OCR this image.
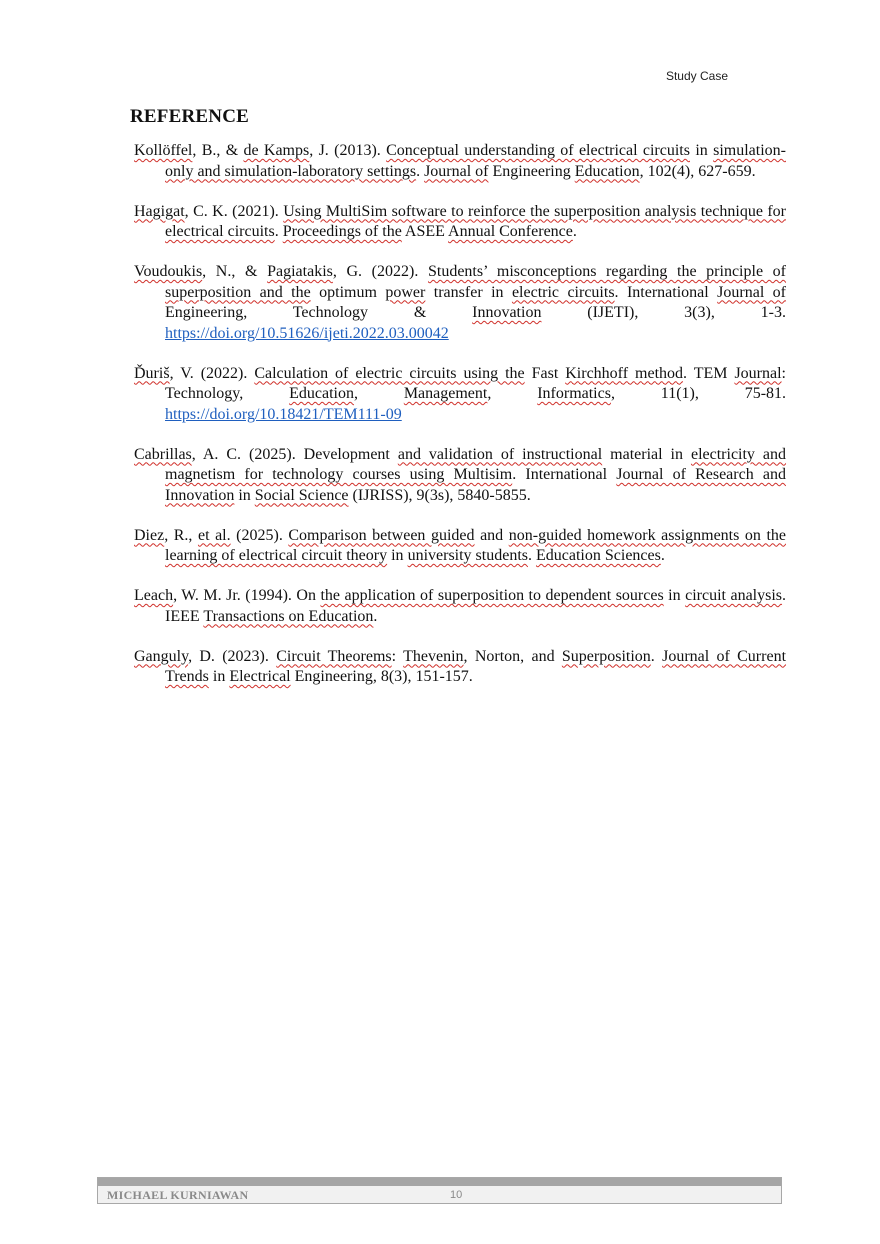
Study Case
REFERENCE
Kollöffel, B., & de Kamps, J. (2013). Conceptual understanding of electrical circuits in simulation-only and simulation-laboratory settings. Journal of Engineering Education, 102(4), 627-659.
Hagigat, C. K. (2021). Using MultiSim software to reinforce the superposition analysis technique for electrical circuits. Proceedings of the ASEE Annual Conference.
Voudoukis, N., & Pagiatakis, G. (2022). Students’ misconceptions regarding the principle of superposition and the optimum power transfer in electric circuits. International Journal of Engineering, Technology & Innovation (IJETI), 3(3), 1-3. https://doi.org/10.51626/ijeti.2022.03.00042
Ďuriš, V. (2022). Calculation of electric circuits using the Fast Kirchhoff method. TEM Journal: Technology, Education, Management, Informatics, 11(1), 75-81. https://doi.org/10.18421/TEM111-09
Cabrillas, A. C. (2025). Development and validation of instructional material in electricity and magnetism for technology courses using Multisim. International Journal of Research and Innovation in Social Science (IJRISS), 9(3s), 5840-5855.
Diez, R., et al. (2025). Comparison between guided and non-guided homework assignments on the learning of electrical circuit theory in university students. Education Sciences.
Leach, W. M. Jr. (1994). On the application of superposition to dependent sources in circuit analysis. IEEE Transactions on Education.
Ganguly, D. (2023). Circuit Theorems: Thevenin, Norton, and Superposition. Journal of Current Trends in Electrical Engineering, 8(3), 151-157.
MICHAEL KURNIAWAN	10
